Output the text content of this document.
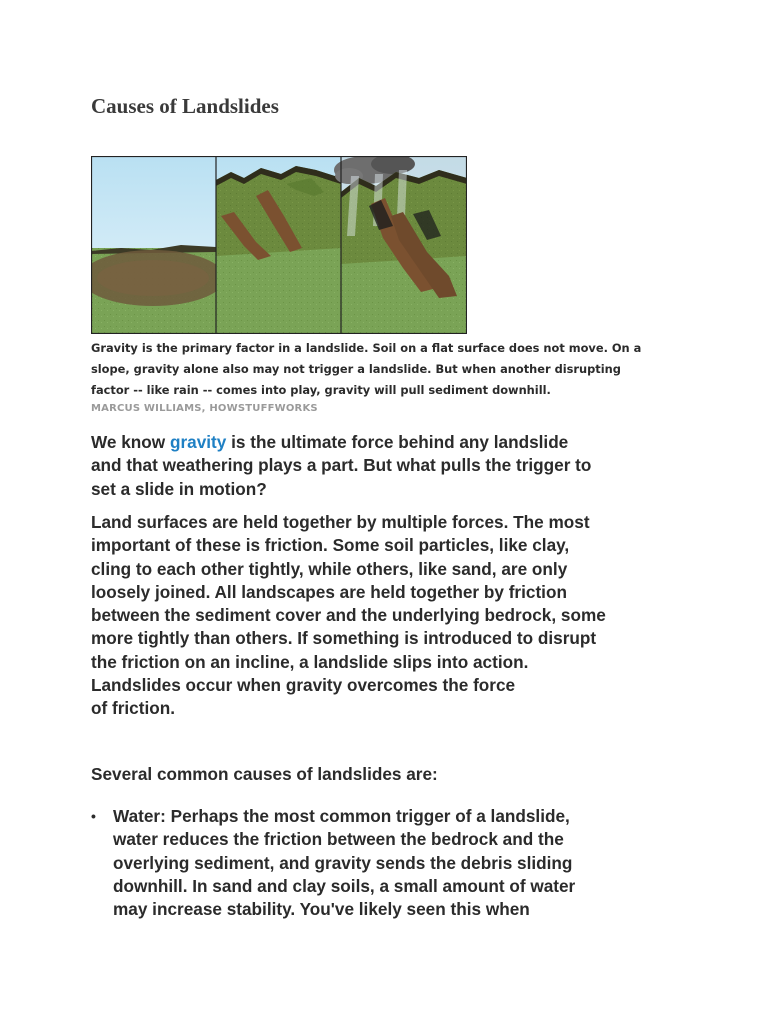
Causes of Landslides

Gravity is the primary factor in a landslide. Soil on a flat surface does not move. On a
slope, gravity alone also may not trigger a landslide. But when another disrupting
factor -- like rain -- comes into play, gravity will pull sediment downhill.

MARCUS WILLIAMS, HOWSTUFFWORKS

We know gravity is the ultimate force behind any landslide
and that weathering plays a part. But what pulls the trigger to
set a slide in motion?

Land surfaces are held together by multiple forces. The most
important of these is friction. Some soil particles, like clay,
cling to each other tightly, while others, like sand, are only
loosely joined. All landscapes are held together by friction
between the sediment cover and the underlying bedrock, some
more tightly than others. If something is introduced to disrupt
the friction on an incline, a landslide slips into action.
Landslides occur when gravity overcomes the force
of friction.

Several common causes of landslides are:

• Water: Perhaps the most common trigger of a landslide,
water reduces the friction between the bedrock and the
overlying sediment, and gravity sends the debris sliding
downhill. In sand and clay soils, a small amount of water
may increase stability. You've likely seen this when
